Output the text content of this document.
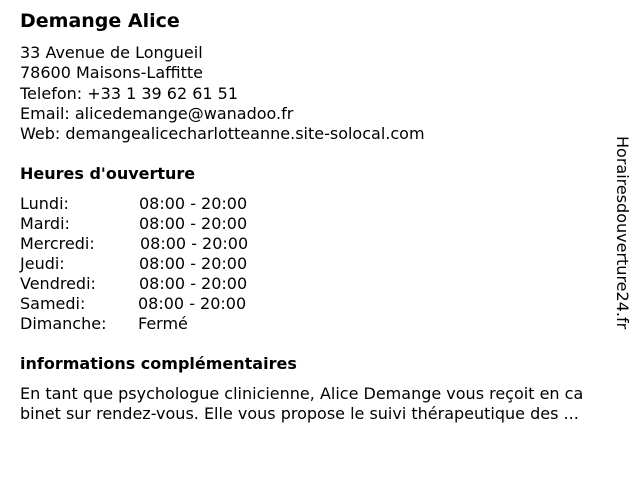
Demange Alice
33 Avenue de Longueil
78600 Maisons-Laffitte
Telefon: +33 1 39 62 61 51
Email: alicedemange@wanadoo.fr
Web: demangealicecharlotteanne.site-solocal.com
Heures d'ouverture
Lundi:	08:00 - 20:00
Mardi:	08:00 - 20:00
Mercredi:	08:00 - 20:00
Jeudi:	08:00 - 20:00
Vendredi:	08:00 - 20:00
Samedi:	08:00 - 20:00
Dimanche: Fermé
informations complémentaires
En tant que psychologue clinicienne, Alice Demange vous reçoit en ca
binet sur rendez-vous. Elle vous propose le suivi thérapeutique des ...
Horairesdouverture24.fr
